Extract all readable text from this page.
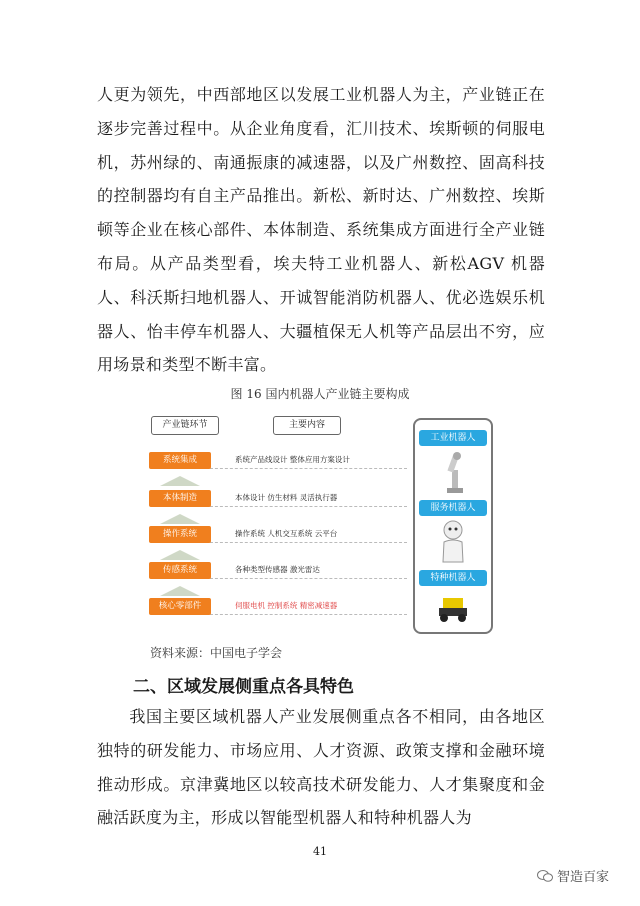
人更为领先，中西部地区以发展工业机器人为主，产业链正在逐步完善过程中。从企业角度看，汇川技术、埃斯顿的伺服电机，苏州绿的、南通振康的减速器，以及广州数控、固高科技的控制器均有自主产品推出。新松、新时达、广州数控、埃斯顿等企业在核心部件、本体制造、系统集成方面进行全产业链布局。从产品类型看，埃夫特工业机器人、新松AGV 机器人、科沃斯扫地机器人、开诚智能消防机器人、优必选娱乐机器人、怡丰停车机器人、大疆植保无人机等产品层出不穷，应用场景和类型不断丰富。
图 16 国内机器人产业链主要构成
产业链环节	主要内容
系统集成	系统产品线设计 整体应用方案设计
本体制造	本体设计 仿生材料 灵活执行器
操作系统	操作系统 人机交互系统 云平台
传感系统	各种类型传感器 激光雷达
核心零部件	伺服电机 控制系统 精密减速器
工业机器人
服务机器人
特种机器人
资料来源：中国电子学会
二、区域发展侧重点各具特色
我国主要区域机器人产业发展侧重点各不相同，由各地区独特的研发能力、市场应用、人才资源、政策支撑和金融环境推动形成。京津冀地区以较高技术研发能力、人才集聚度和金融活跃度为主，形成以智能型机器人和特种机器人为
41
智造百家
